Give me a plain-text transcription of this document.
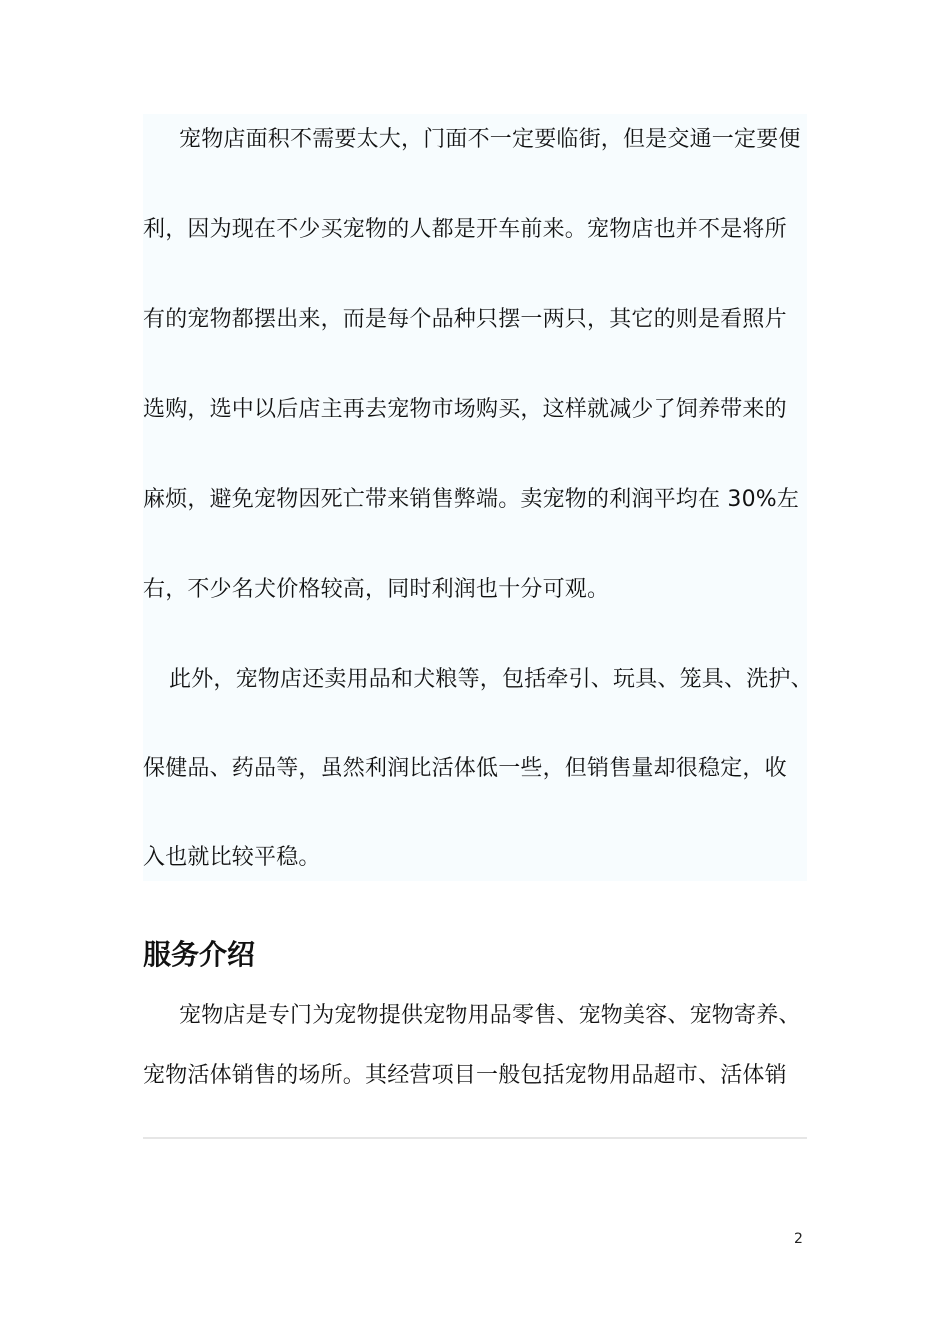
宠物店面积不需要太大，门面不一定要临街，但是交通一定要便
利，因为现在不少买宠物的人都是开车前来。宠物店也并不是将所
有的宠物都摆出来，而是每个品种只摆一两只，其它的则是看照片
选购，选中以后店主再去宠物市场购买，这样就减少了饲养带来的
麻烦，避免宠物因死亡带来销售弊端。卖宠物的利润平均在 30%左
右，不少名犬价格较高，同时利润也十分可观。
此外，宠物店还卖用品和犬粮等，包括牵引、玩具、笼具、洗护、
保健品、药品等，虽然利润比活体低一些，但销售量却很稳定，收
入也就比较平稳。
服务介绍
宠物店是专门为宠物提供宠物用品零售、宠物美容、宠物寄养、
宠物活体销售的场所。其经营项目一般包括宠物用品超市、活体销
2
